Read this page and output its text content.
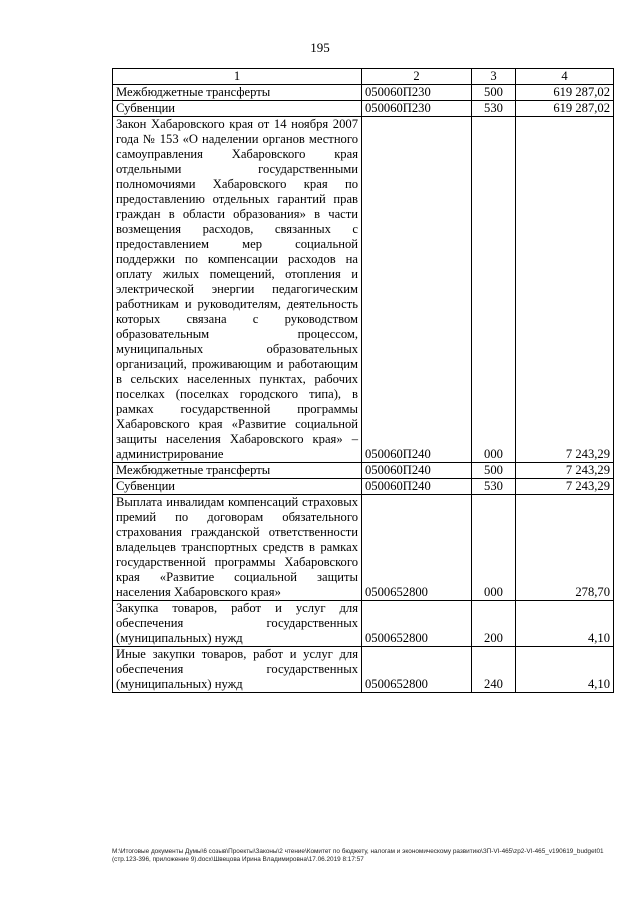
195
1	2	3	4
Межбюджетные трансферты	050060П230	500	619 287,02
Субвенции	050060П230	530	619 287,02
Закон Хабаровского края от 14 ноября 2007 года № 153 «О наделении органов местного самоуправления Хабаровского края отдельными государственными полномочиями Хабаровского края по предоставлению отдельных гарантий прав граждан в области образования» в части возмещения расходов, связанных с предоставлением мер социальной поддержки по компенсации расходов на оплату жилых помещений, отопления и электрической энергии педагогическим работникам и руководителям, деятельность которых связана с руководством образовательным процессом, муниципальных образовательных организаций, проживающим и работающим в сельских населенных пунктах, рабочих поселках (поселках городского типа), в рамках государственной программы Хабаровского края «Развитие социальной защиты населения Хабаровского края» – администрирование	050060П240	000	7 243,29
Межбюджетные трансферты	050060П240	500	7 243,29
Субвенции	050060П240	530	7 243,29
Выплата инвалидам компенсаций страховых премий по договорам обязательного страхования гражданской ответственности владельцев транспортных средств в рамках государственной программы Хабаровского края «Развитие социальной защиты населения Хабаровского края»	0500652800	000	278,70
Закупка товаров, работ и услуг для обеспечения государственных (муниципальных) нужд	0500652800	200	4,10
Иные закупки товаров, работ и услуг для обеспечения государственных (муниципальных) нужд	0500652800	240	4,10
M:\Итоговые документы Думы\6 созыв\Проекты\Законы\2 чтение\Комитет по бюджету, налогам и экономическому развитию\ЗП-VI-465\zp2-VI-465_v190619_budget01 (стр.123-396, приложение 9).docx\Швецова Ирина Владимировна\17.06.2019 8:17:57
